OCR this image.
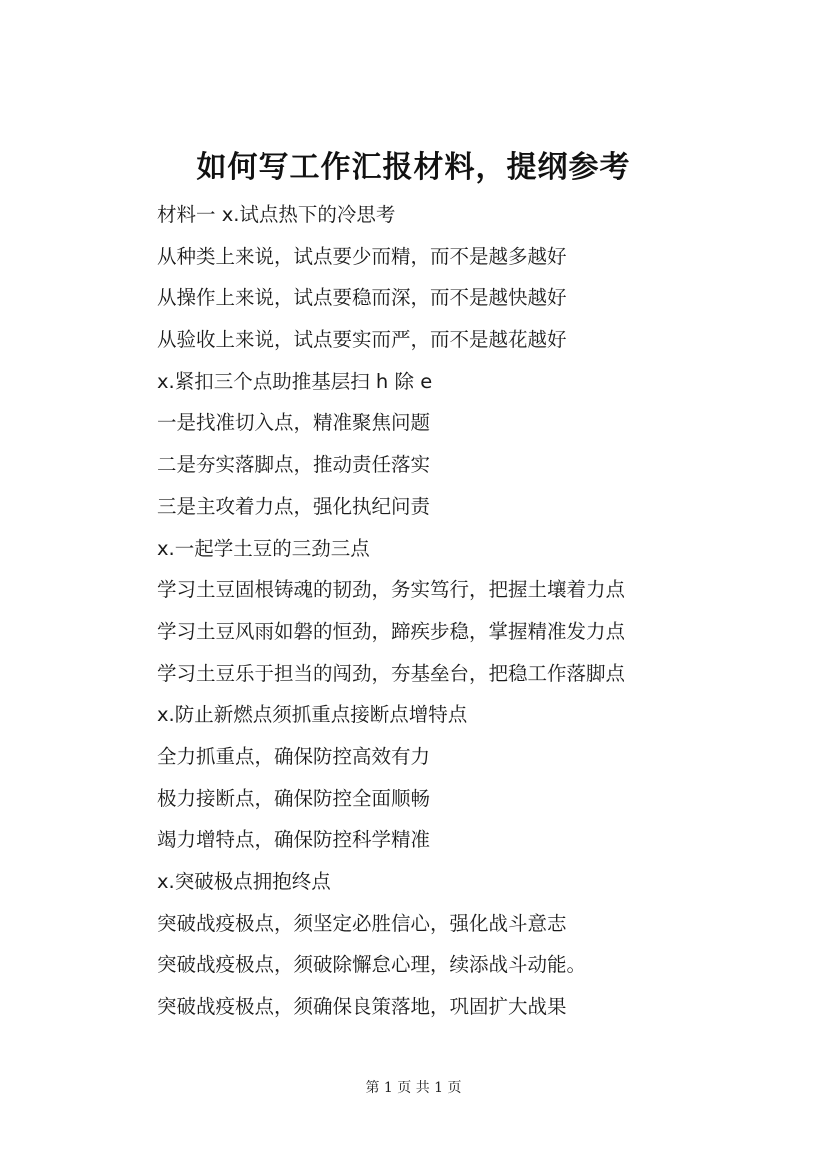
如何写工作汇报材料，提纲参考
材料一 x.试点热下的冷思考
从种类上来说，试点要少而精，而不是越多越好
从操作上来说，试点要稳而深，而不是越快越好
从验收上来说，试点要实而严，而不是越花越好
x.紧扣三个点助推基层扫 h 除 e
一是找准切入点，精准聚焦问题
二是夯实落脚点，推动责任落实
三是主攻着力点，强化执纪问责
x.一起学土豆的三劲三点
学习土豆固根铸魂的韧劲，务实笃行，把握土壤着力点
学习土豆风雨如磐的恒劲，蹄疾步稳，掌握精准发力点
学习土豆乐于担当的闯劲，夯基垒台，把稳工作落脚点
x.防止新燃点须抓重点接断点增特点
全力抓重点，确保防控高效有力
极力接断点，确保防控全面顺畅
竭力增特点，确保防控科学精准
x.突破极点拥抱终点
突破战疫极点，须坚定必胜信心，强化战斗意志
突破战疫极点，须破除懈怠心理，续添战斗动能。
突破战疫极点，须确保良策落地，巩固扩大战果
第 1 页 共 1 页
